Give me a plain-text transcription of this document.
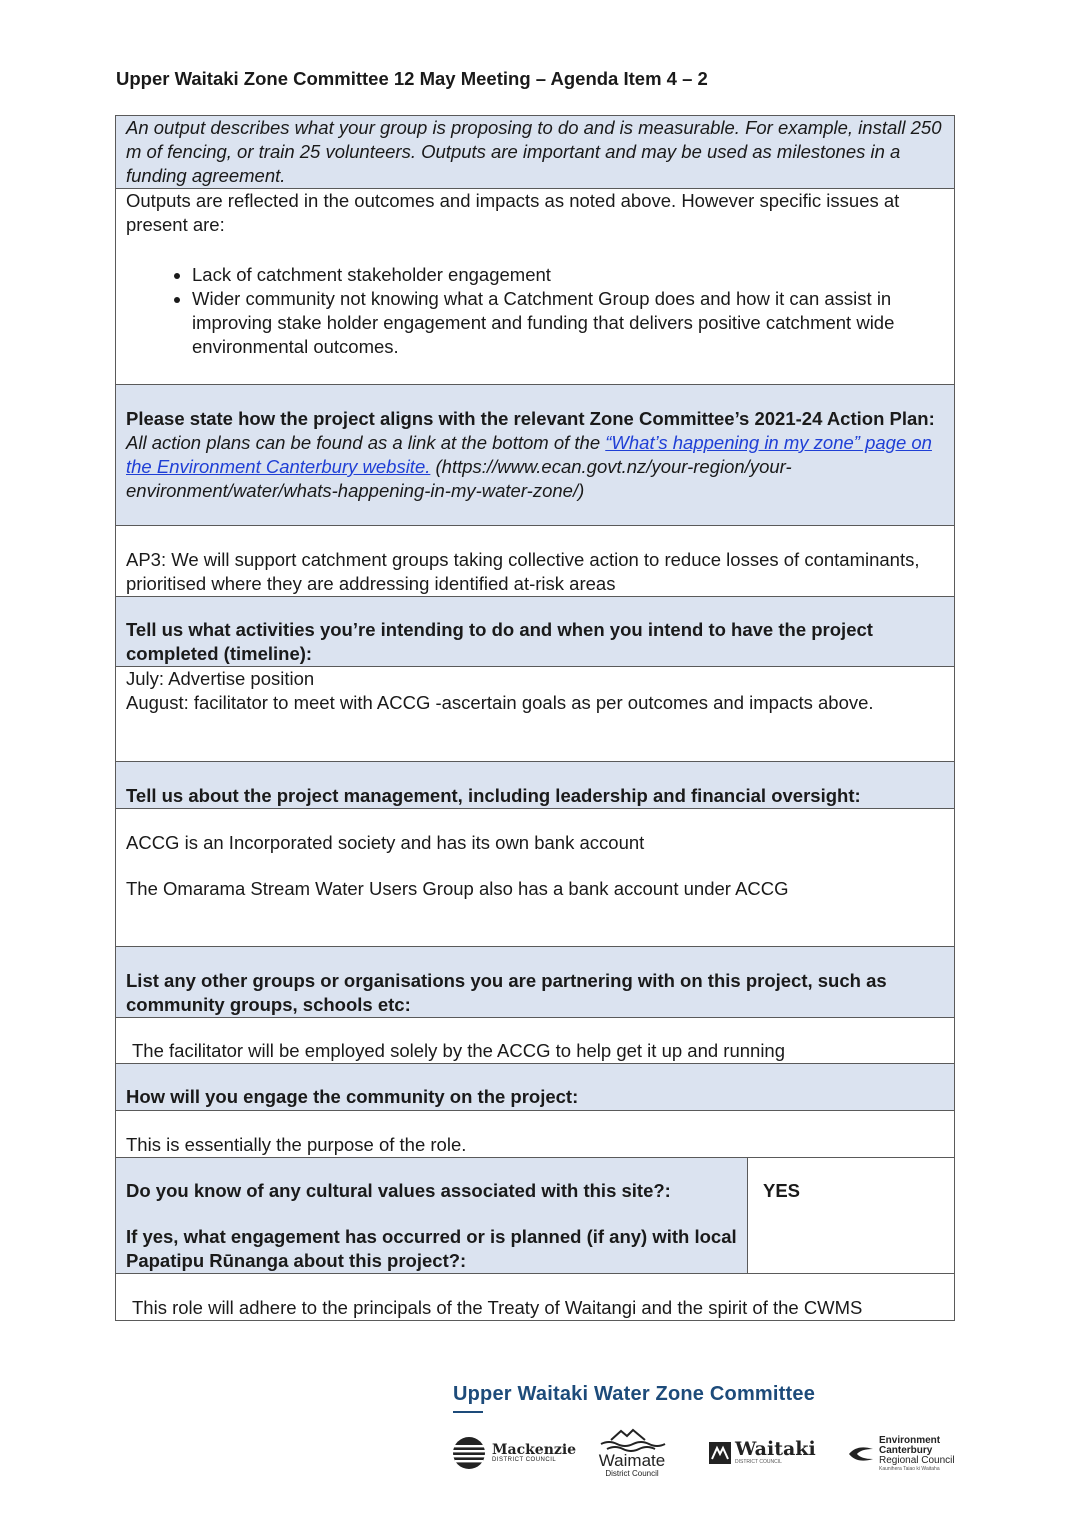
Upper Waitaki Zone Committee 12 May Meeting – Agenda Item 4 – 2
An output describes what your group is proposing to do and is measurable. For example, install 250 m of fencing, or train 25 volunteers. Outputs are important and may be used as milestones in a funding agreement.

Outputs are reflected in the outcomes and impacts as noted above. However specific issues at present are:

• Lack of catchment stakeholder engagement
• Wider community not knowing what a Catchment Group does and how it can assist in improving stake holder engagement and funding that delivers positive catchment wide environmental outcomes.

Please state how the project aligns with the relevant Zone Committee’s 2021-24 Action Plan:

All action plans can be found as a link at the bottom of the “What’s happening in my zone” page on the Environment Canterbury website. (https://www.ecan.govt.nz/your-region/your-environment/water/whats-happening-in-my-water-zone/)

AP3: We will support catchment groups taking collective action to reduce losses of contaminants, prioritised where they are addressing identified at-risk areas
Tell us what activities you’re intending to do and when you intend to have the project completed (timeline):

July: Advertise position

August: facilitator to meet with ACCG -ascertain goals as per outcomes and impacts above.

Tell us about the project management, including leadership and financial oversight:

ACCG is an Incorporated society and has its own bank account

The Omarama Stream Water Users Group also has a bank account under ACCG

List any other groups or organisations you are partnering with on this project, such as community groups, schools etc:
The facilitator will be employed solely by the ACCG to help get it up and running
How will you engage the community on the project:
This is essentially the purpose of the role.

Do you know of any cultural values associated with this site?:

If yes, what engagement has occurred or is planned (if any) with local Papatipu Rūnanga about this project?:

	YES
This role will adhere to the principals of the Treaty of Waitangi and the spirit of the CWMS
Upper Waitaki Water Zone Committee
Mackenzie
DISTRICT COUNCIL	Waimate
District Council
Waitaki
DISTRICT COUNCIL
Environment
Canterbury
Regional Council
Kaunihera Taiao ki Waitaha
